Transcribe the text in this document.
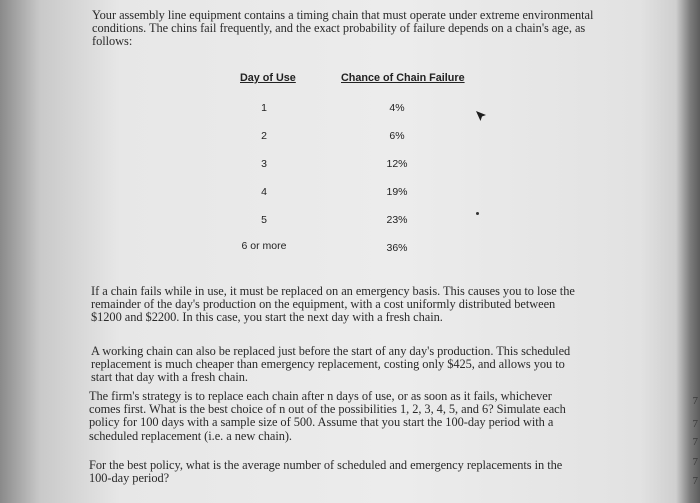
Your assembly line equipment contains a timing chain that must operate under extreme environmental conditions. The chins fail frequently, and the exact probability of failure depends on a chain's age, as follows:

Day of Use	Chance of Chain Failure
1	4%
2	6%
3	12%
4	19%
5	23%
6 or more	36%

If a chain fails while in use, it must be replaced on an emergency basis. This causes you to lose the remainder of the day's production on the equipment, with a cost uniformly distributed between $1200 and $2200. In this case, you start the next day with a fresh chain.

A working chain can also be replaced just before the start of any day's production. This scheduled replacement is much cheaper than emergency replacement, costing only $425, and allows you to start that day with a fresh chain.

The firm's strategy is to replace each chain after n days of use, or as soon as it fails, whichever comes first. What is the best choice of n out of the possibilities 1, 2, 3, 4, 5, and 6? Simulate each policy for 100 days with a sample size of 500. Assume that you start the 100-day period with a scheduled replacement (i.e. a new chain).

For the best policy, what is the average number of scheduled and emergency replacements in the 100-day period?

7
7
7
7
7
